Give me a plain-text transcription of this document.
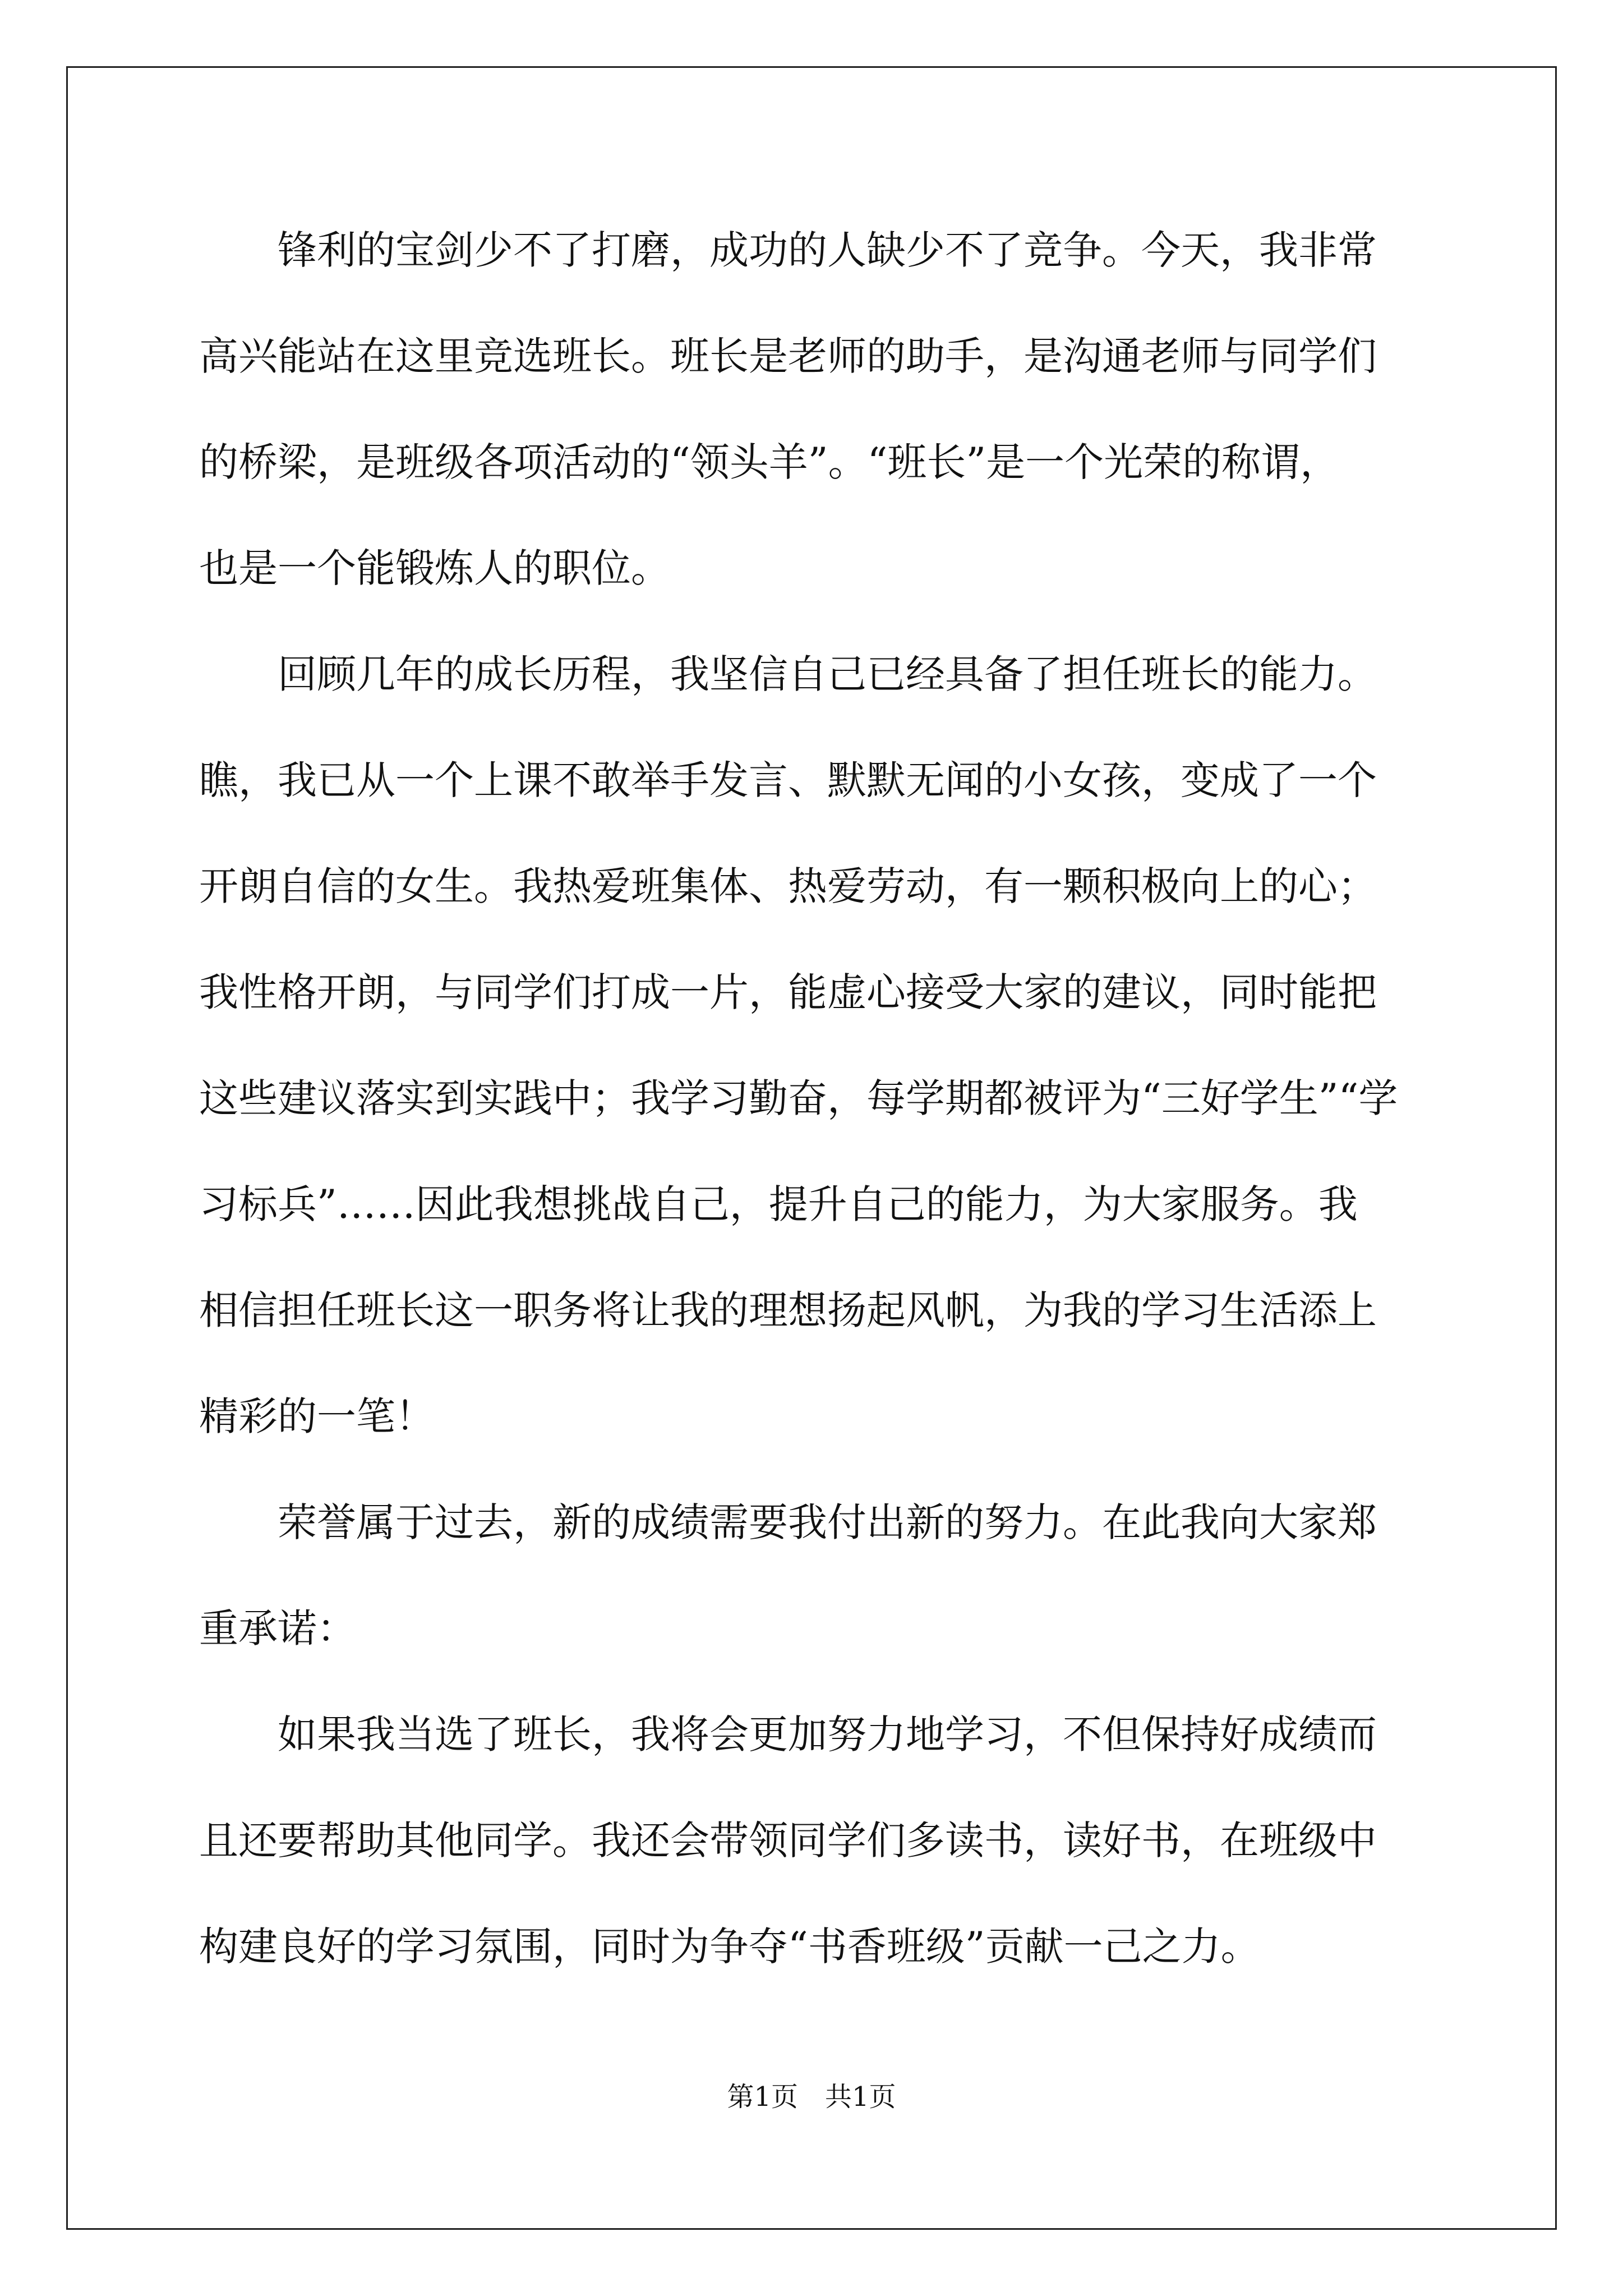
　　锋利的宝剑少不了打磨，成功的人缺少不了竞争。今天，我非常
高兴能站在这里竞选班长。班长是老师的助手，是沟通老师与同学们
的桥梁，是班级各项活动的“领头羊”。“班长”是一个光荣的称谓，
也是一个能锻炼人的职位。
　　回顾几年的成长历程，我坚信自己已经具备了担任班长的能力。
瞧，我已从一个上课不敢举手发言、默默无闻的小女孩，变成了一个
开朗自信的女生。我热爱班集体、热爱劳动，有一颗积极向上的心；
我性格开朗，与同学们打成一片，能虚心接受大家的建议，同时能把
这些建议落实到实践中；我学习勤奋，每学期都被评为“三好学生”“学
习标兵”……因此我想挑战自己，提升自己的能力，为大家服务。我
相信担任班长这一职务将让我的理想扬起风帆，为我的学习生活添上
精彩的一笔！
　　荣誉属于过去，新的成绩需要我付出新的努力。在此我向大家郑
重承诺：
　　如果我当选了班长，我将会更加努力地学习，不但保持好成绩而
且还要帮助其他同学。我还会带领同学们多读书，读好书，在班级中
构建良好的学习氛围，同时为争夺“书香班级”贡献一己之力。
第1页　共1页
